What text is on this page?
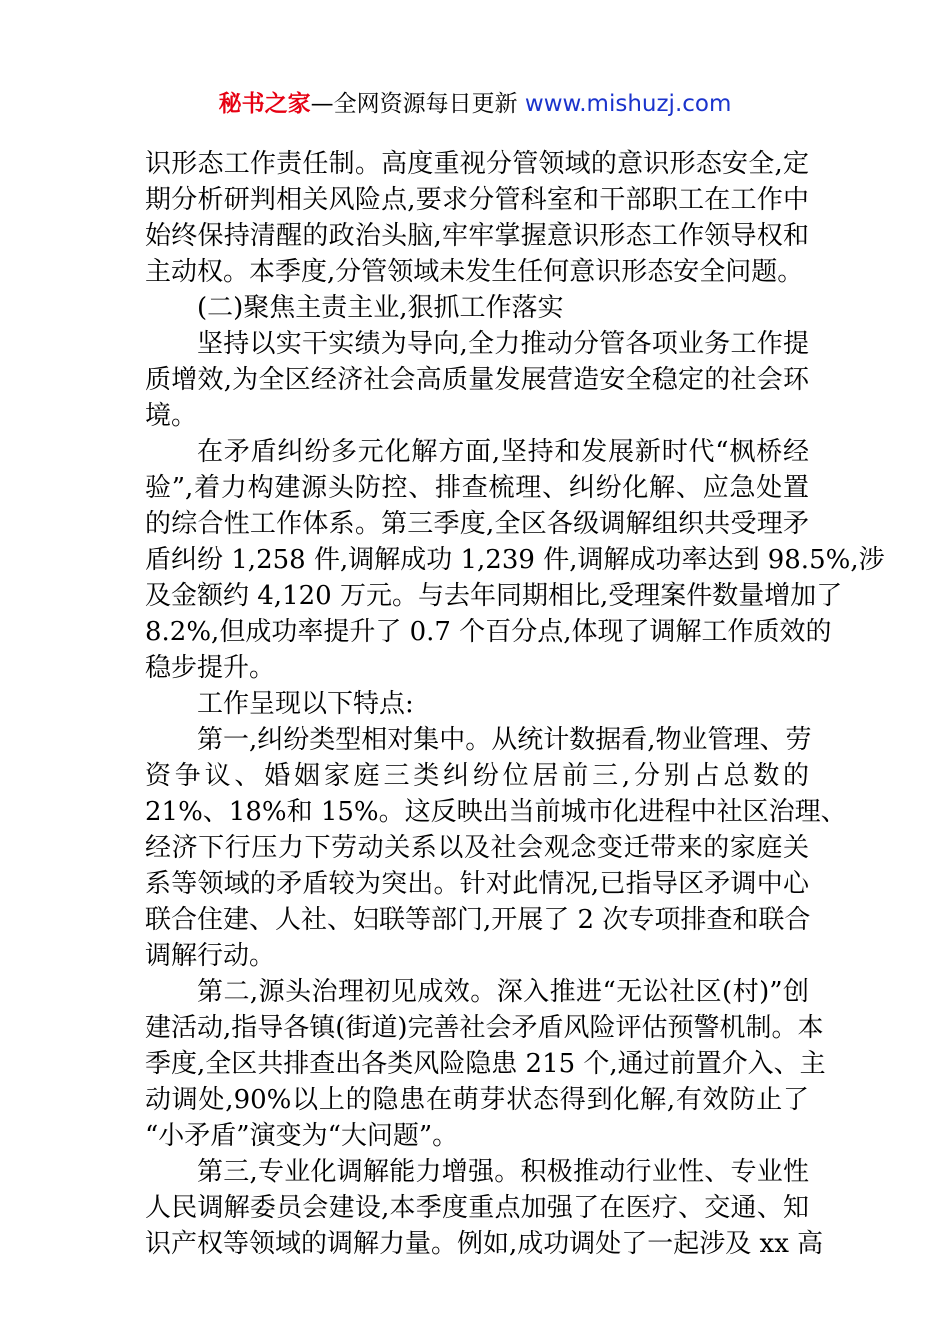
秘书之家—全网资源每日更新 www.mishuzj.com
识形态工作责任制。高度重视分管领域的意识形态安全,定
期分析研判相关风险点,要求分管科室和干部职工在工作中
始终保持清醒的政治头脑,牢牢掌握意识形态工作领导权和
主动权。本季度,分管领域未发生任何意识形态安全问题。
(二)聚焦主责主业,狠抓工作落实
坚持以实干实绩为导向,全力推动分管各项业务工作提
质增效,为全区经济社会高质量发展营造安全稳定的社会环
境。
在矛盾纠纷多元化解方面,坚持和发展新时代“枫桥经
验”,着力构建源头防控、排查梳理、纠纷化解、应急处置
的综合性工作体系。第三季度,全区各级调解组织共受理矛
盾纠纷 1,258 件,调解成功 1,239 件,调解成功率达到 98.5%,涉
及金额约 4,120 万元。与去年同期相比,受理案件数量增加了
8.2%,但成功率提升了 0.7 个百分点,体现了调解工作质效的
稳步提升。
工作呈现以下特点:
第一,纠纷类型相对集中。从统计数据看,物业管理、劳
资争议、婚姻家庭三类纠纷位居前三,分别占总数的
21%、18%和 15%。这反映出当前城市化进程中社区治理、
经济下行压力下劳动关系以及社会观念变迁带来的家庭关
系等领域的矛盾较为突出。针对此情况,已指导区矛调中心
联合住建、人社、妇联等部门,开展了 2 次专项排查和联合
调解行动。
第二,源头治理初见成效。深入推进“无讼社区(村)”创
建活动,指导各镇(街道)完善社会矛盾风险评估预警机制。本
季度,全区共排查出各类风险隐患 215 个,通过前置介入、主
动调处,90%以上的隐患在萌芽状态得到化解,有效防止了
“小矛盾”演变为“大问题”。
第三,专业化调解能力增强。积极推动行业性、专业性
人民调解委员会建设,本季度重点加强了在医疗、交通、知
识产权等领域的调解力量。例如,成功调处了一起涉及 xx 高
